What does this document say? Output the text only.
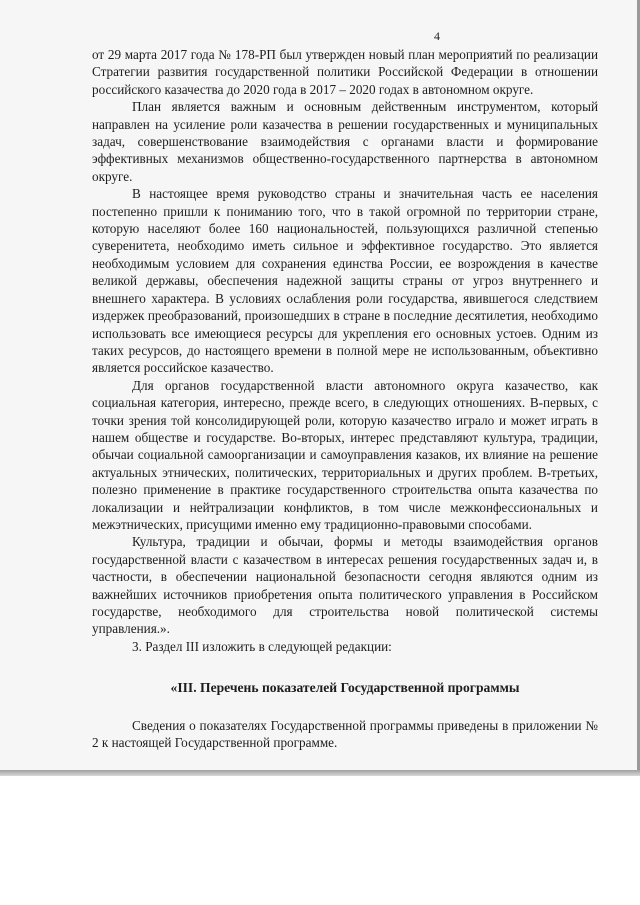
4

от 29 марта 2017 года № 178-РП был утвержден новый план мероприятий по реализации Стратегии развития государственной политики Российской Федерации в отношении российского казачества до 2020 года в 2017 – 2020 годах в автономном округе.

План является важным и основным действенным инструментом, который направлен на усиление роли казачества в решении государственных и муниципальных задач, совершенствование взаимодействия с органами власти и формирование эффективных механизмов общественно-государственного партнерства в автономном округе.

В настоящее время руководство страны и значительная часть ее населения постепенно пришли к пониманию того, что в такой огромной по территории стране, которую населяют более 160 национальностей, пользующихся различной степенью суверенитета, необходимо иметь сильное и эффективное государство. Это является необходимым условием для сохранения единства России, ее возрождения в качестве великой державы, обеспечения надежной защиты страны от угроз внутреннего и внешнего характера. В условиях ослабления роли государства, явившегося следствием издержек преобразований, произошедших в стране в последние десятилетия, необходимо использовать все имеющиеся ресурсы для укрепления его основных устоев. Одним из таких ресурсов, до настоящего времени в полной мере не использованным, объективно является российское казачество.

Для органов государственной власти автономного округа казачество, как социальная категория, интересно, прежде всего, в следующих отношениях. В-первых, с точки зрения той консолидирующей роли, которую казачество играло и может играть в нашем обществе и государстве. Во-вторых, интерес представляют культура, традиции, обычаи социальной самоорганизации и самоуправления казаков, их влияние на решение актуальных этнических, политических, территориальных и других проблем. В-третьих, полезно применение в практике государственного строительства опыта казачества по локализации и нейтрализации конфликтов, в том числе межконфессиональных и межэтнических, присущими именно ему традиционно-правовыми способами.

Культура, традиции и обычаи, формы и методы взаимодействия органов государственной власти с казачеством в интересах решения государственных задач и, в частности, в обеспечении национальной безопасности сегодня являются одним из важнейших источников приобретения опыта политического управления в Российском государстве, необходимого для строительства новой политической системы управления.».

3. Раздел III изложить в следующей редакции:

«III. Перечень показателей Государственной программы

Сведения о показателях Государственной программы приведены в приложении № 2 к настоящей Государственной программе.
